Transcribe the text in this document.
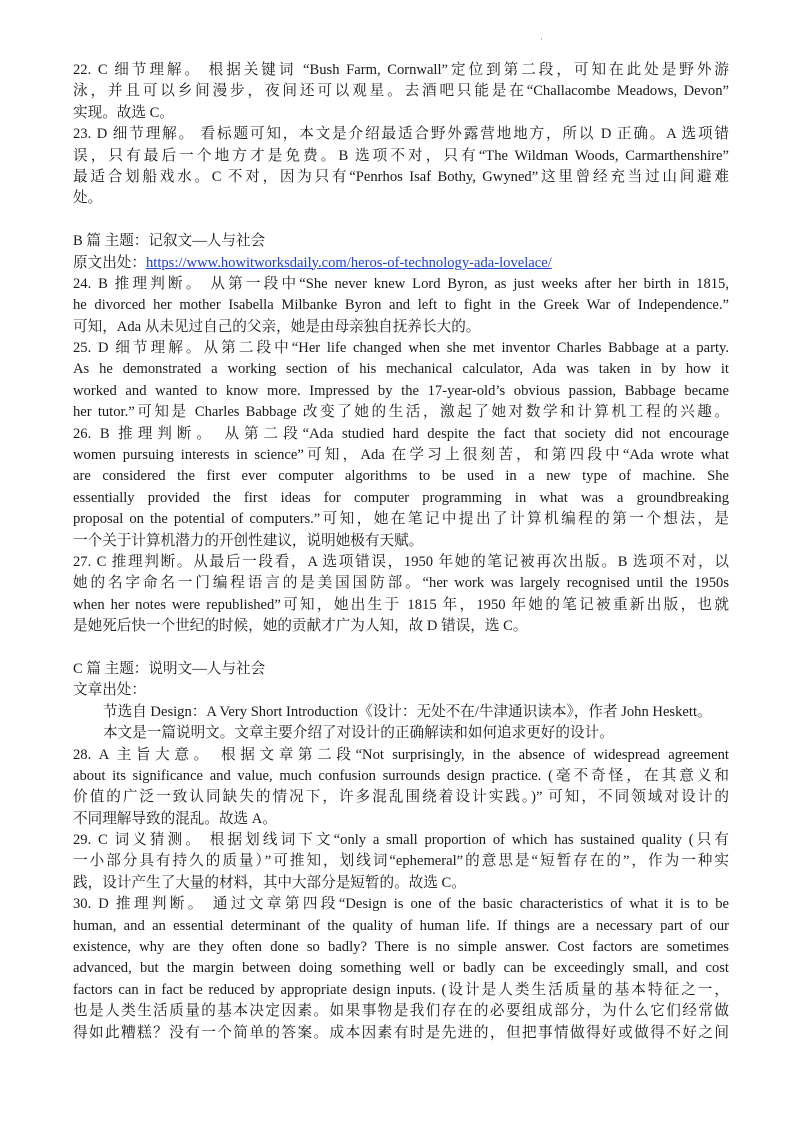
·
22. C 细节理解。 根据关键词 “Bush Farm, Cornwall”定位到第二段，可知在此处是野外游
泳，并且可以乡间漫步，夜间还可以观星。去酒吧只能是在“Challacombe Meadows, Devon”
实现。故选 C。
23. D 细节理解。 看标题可知，本文是介绍最适合野外露营地地方，所以 D 正确。A 选项错
误，只有最后一个地方才是免费。B 选项不对，只有“The Wildman Woods, Carmarthenshire”
最适合划船戏水。C 不对，因为只有“Penrhos Isaf Bothy, Gwyned”这里曾经充当过山间避难
处。
B 篇 主题：记叙文—人与社会
原文出处：https://www.howitworksdaily.com/heros-of-technology-ada-lovelace/
24. B 推理判断。 从第一段中“She never knew Lord Byron, as just weeks after her birth in 1815,
he divorced her mother Isabella Milbanke Byron and left to fight in the Greek War of Independence.”
可知，Ada 从未见过自己的父亲，她是由母亲独自抚养长大的。
25. D 细节理解。从第二段中“Her life changed when she met inventor Charles Babbage at a party.
As he demonstrated a working section of his mechanical calculator, Ada was taken in by how it
worked and wanted to know more. Impressed by the 17-year-old’s obvious passion, Babbage became
her tutor.”可知是 Charles Babbage 改变了她的生活，激起了她对数学和计算机工程的兴趣。
26. B 推理判断。 从第二段“Ada studied hard despite the fact that society did not encourage
women pursuing interests in science”可知，Ada 在学习上很刻苦，和第四段中“Ada wrote what
are considered the first ever computer algorithms to be used in a new type of machine. She
essentially provided the first ideas for computer programming in what was a groundbreaking
proposal on the potential of computers.”可知，她在笔记中提出了计算机编程的第一个想法，是
一个关于计算机潜力的开创性建议，说明她极有天赋。
27. C 推理判断。从最后一段看，A 选项错误，1950 年她的笔记被再次出版。B 选项不对，以
她的名字命名一门编程语言的是美国国防部。“her work was largely recognised until the 1950s
when her notes were republished”可知，她出生于 1815 年，1950 年她的笔记被重新出版，也就
是她死后快一个世纪的时候，她的贡献才广为人知，故 D 错误，选 C。
C 篇 主题：说明文—人与社会
文章出处：
节选自 Design：A Very Short Introduction《设计：无处不在/牛津通识读本》，作者 John Heskett。
本文是一篇说明文。文章主要介绍了对设计的正确解读和如何追求更好的设计。
28. A 主旨大意。 根据文章第二段“Not surprisingly, in the absence of widespread agreement
about its significance and value, much confusion surrounds design practice. (毫不奇怪，在其意义和
价值的广泛一致认同缺失的情况下，许多混乱围绕着设计实践。)” 可知，不同领域对设计的
不同理解导致的混乱。故选 A。
29. C 词义猜测。 根据划线词下文“only a small proportion of which has sustained quality (只有
一小部分具有持久的质量）”可推知，划线词“ephemeral”的意思是“短暂存在的”，作为一种实
践，设计产生了大量的材料，其中大部分是短暂的。故选 C。
30. D 推理判断。 通过文章第四段“Design is one of the basic characteristics of what it is to be
human, and an essential determinant of the quality of human life. If things are a necessary part of our
existence, why are they often done so badly? There is no simple answer. Cost factors are sometimes
advanced, but the margin between doing something well or badly can be exceedingly small, and cost
factors can in fact be reduced by appropriate design inputs. (设计是人类生活质量的基本特征之一，
也是人类生活质量的基本决定因素。如果事物是我们存在的必要组成部分，为什么它们经常做
得如此糟糕？没有一个简单的答案。成本因素有时是先进的，但把事情做得好或做得不好之间
